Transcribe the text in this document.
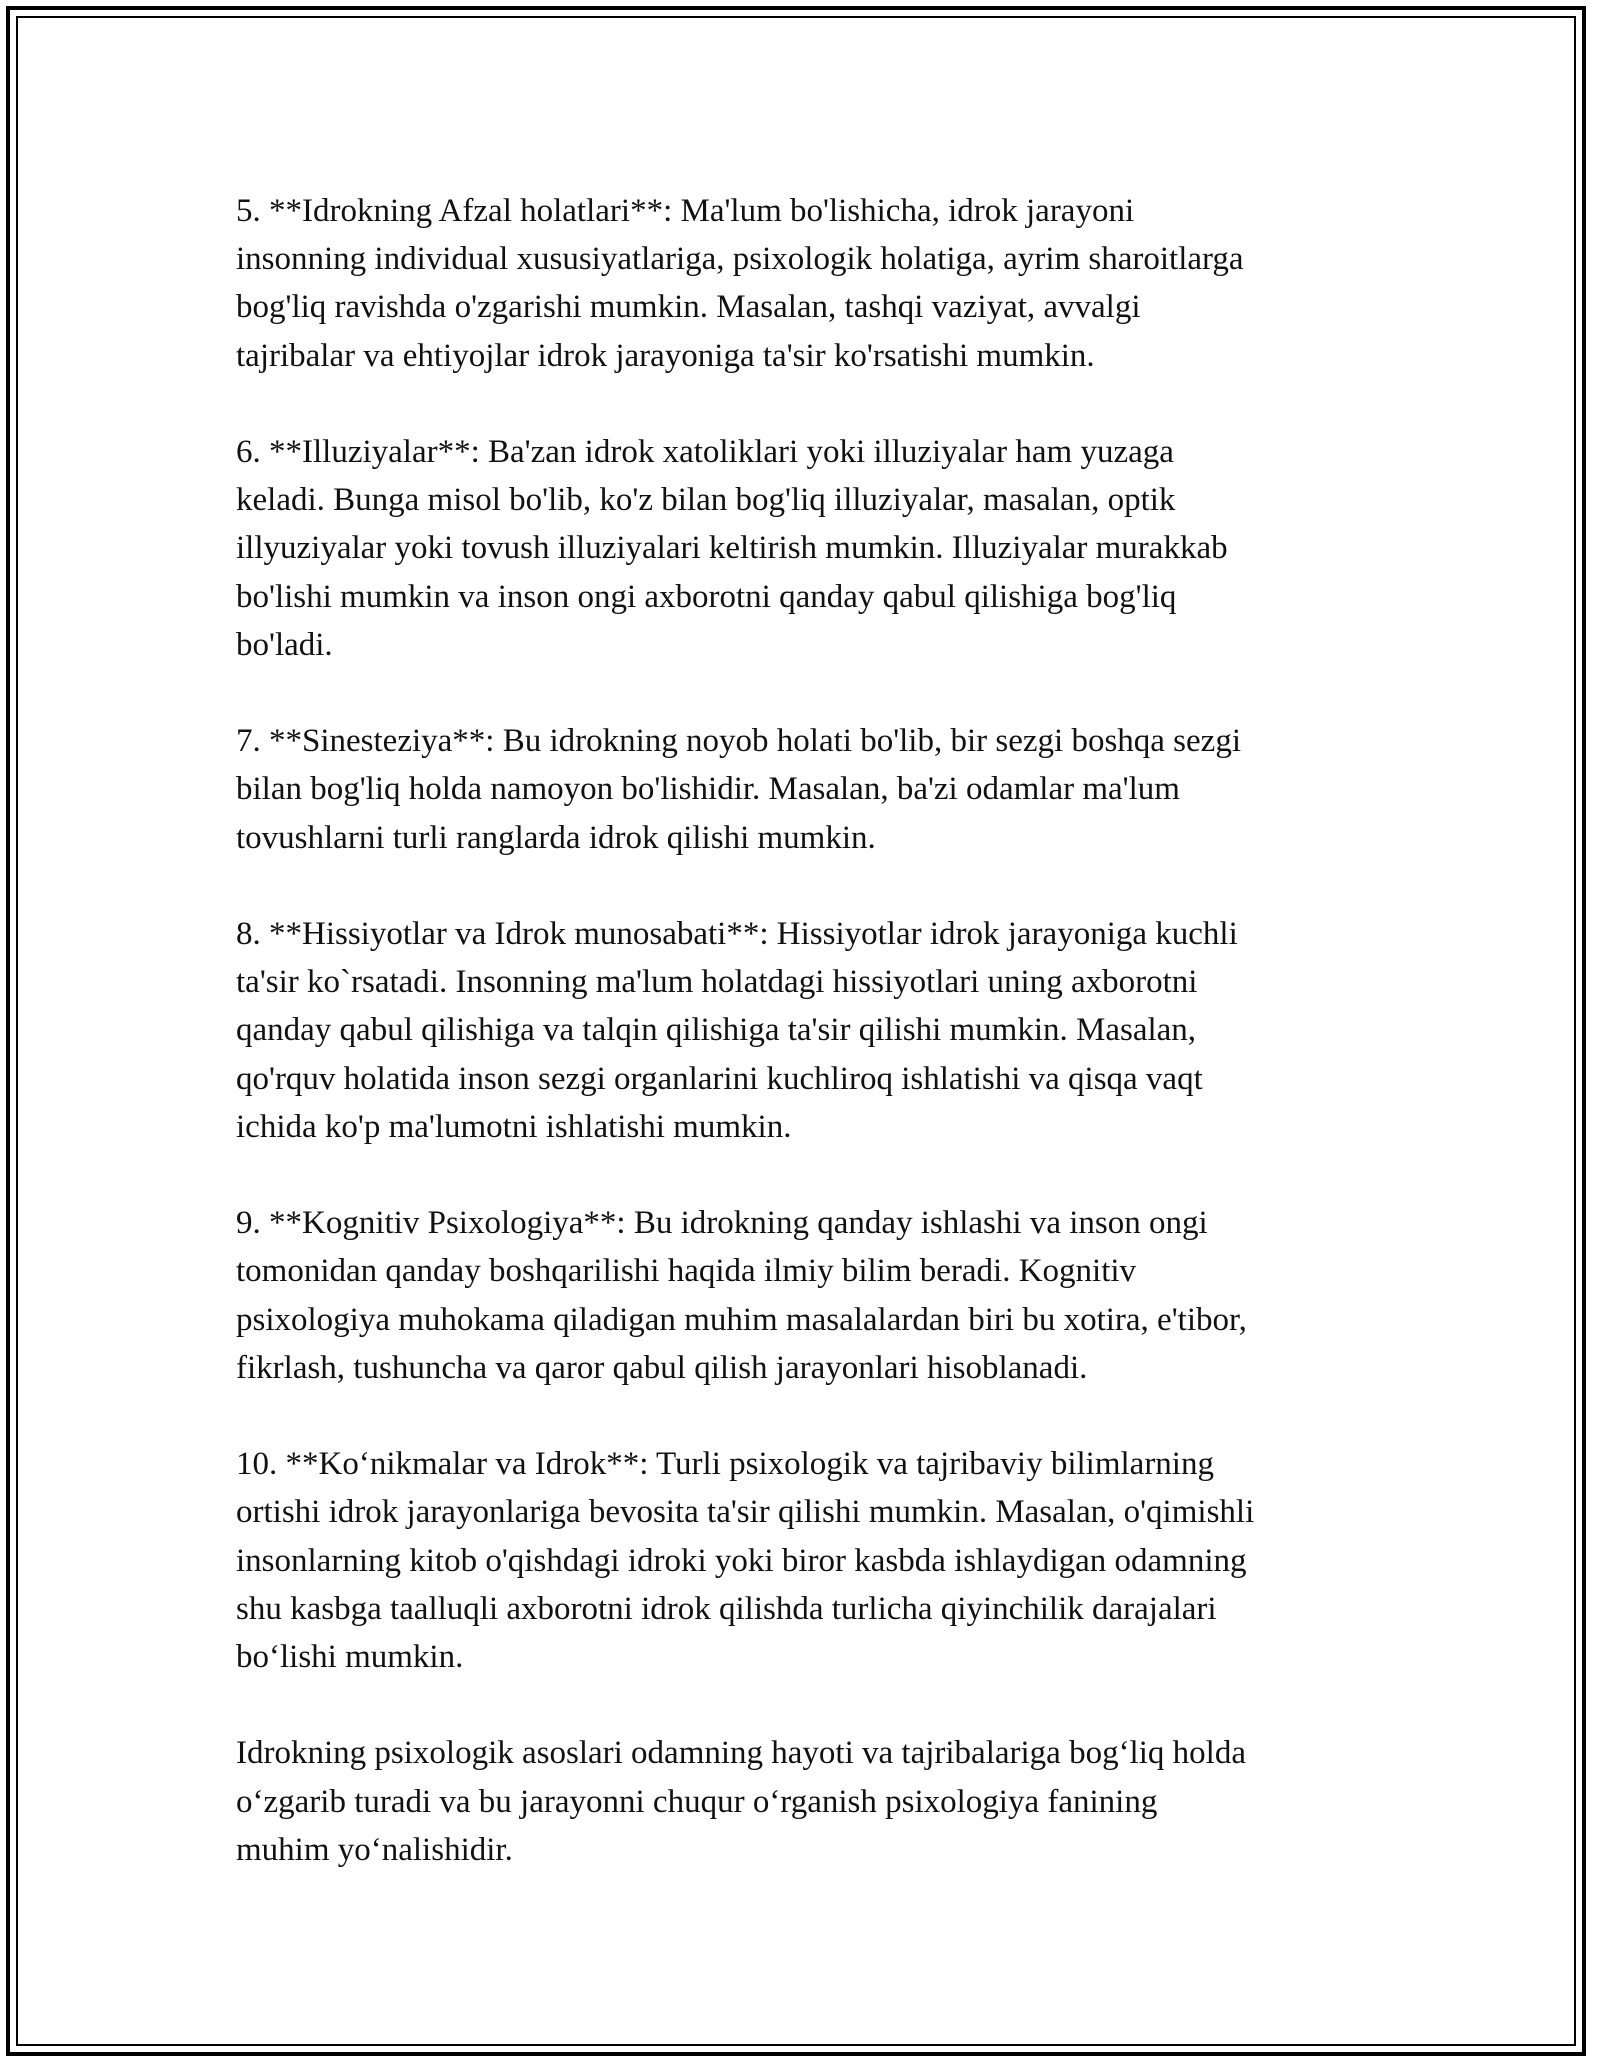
5. **Idrokning Afzal holatlari**: Ma'lum bo'lishicha, idrok jarayoni
insonning individual xususiyatlariga, psixologik holatiga, ayrim sharoitlarga
bog'liq ravishda o'zgarishi mumkin. Masalan, tashqi vaziyat, avvalgi
tajribalar va ehtiyojlar idrok jarayoniga ta'sir ko'rsatishi mumkin.
6. **Illuziyalar**: Ba'zan idrok xatoliklari yoki illuziyalar ham yuzaga
keladi. Bunga misol bo'lib, ko'z bilan bog'liq illuziyalar, masalan, optik
illyuziyalar yoki tovush illuziyalari keltirish mumkin. Illuziyalar murakkab
bo'lishi mumkin va inson ongi axborotni qanday qabul qilishiga bog'liq
bo'ladi.
7. **Sinesteziya**: Bu idrokning noyob holati bo'lib, bir sezgi boshqa sezgi
bilan bog'liq holda namoyon bo'lishidir. Masalan, ba'zi odamlar ma'lum
tovushlarni turli ranglarda idrok qilishi mumkin.
8. **Hissiyotlar va Idrok munosabati**: Hissiyotlar idrok jarayoniga kuchli
ta'sir ko`rsatadi. Insonning ma'lum holatdagi hissiyotlari uning axborotni
qanday qabul qilishiga va talqin qilishiga ta'sir qilishi mumkin. Masalan,
qo'rquv holatida inson sezgi organlarini kuchliroq ishlatishi va qisqa vaqt
ichida ko'p ma'lumotni ishlatishi mumkin.
9. **Kognitiv Psixologiya**: Bu idrokning qanday ishlashi va inson ongi
tomonidan qanday boshqarilishi haqida ilmiy bilim beradi. Kognitiv
psixologiya muhokama qiladigan muhim masalalardan biri bu xotira, e'tibor,
fikrlash, tushuncha va qaror qabul qilish jarayonlari hisoblanadi.
10. **Ko‘nikmalar va Idrok**: Turli psixologik va tajribaviy bilimlarning
ortishi idrok jarayonlariga bevosita ta'sir qilishi mumkin. Masalan, o'qimishli
insonlarning kitob o'qishdagi idroki yoki biror kasbda ishlaydigan odamning
shu kasbga taalluqli axborotni idrok qilishda turlicha qiyinchilik darajalari
bo‘lishi mumkin.
Idrokning psixologik asoslari odamning hayoti va tajribalariga bog‘liq holda
o‘zgarib turadi va bu jarayonni chuqur o‘rganish psixologiya fanining
muhim yo‘nalishidir.
